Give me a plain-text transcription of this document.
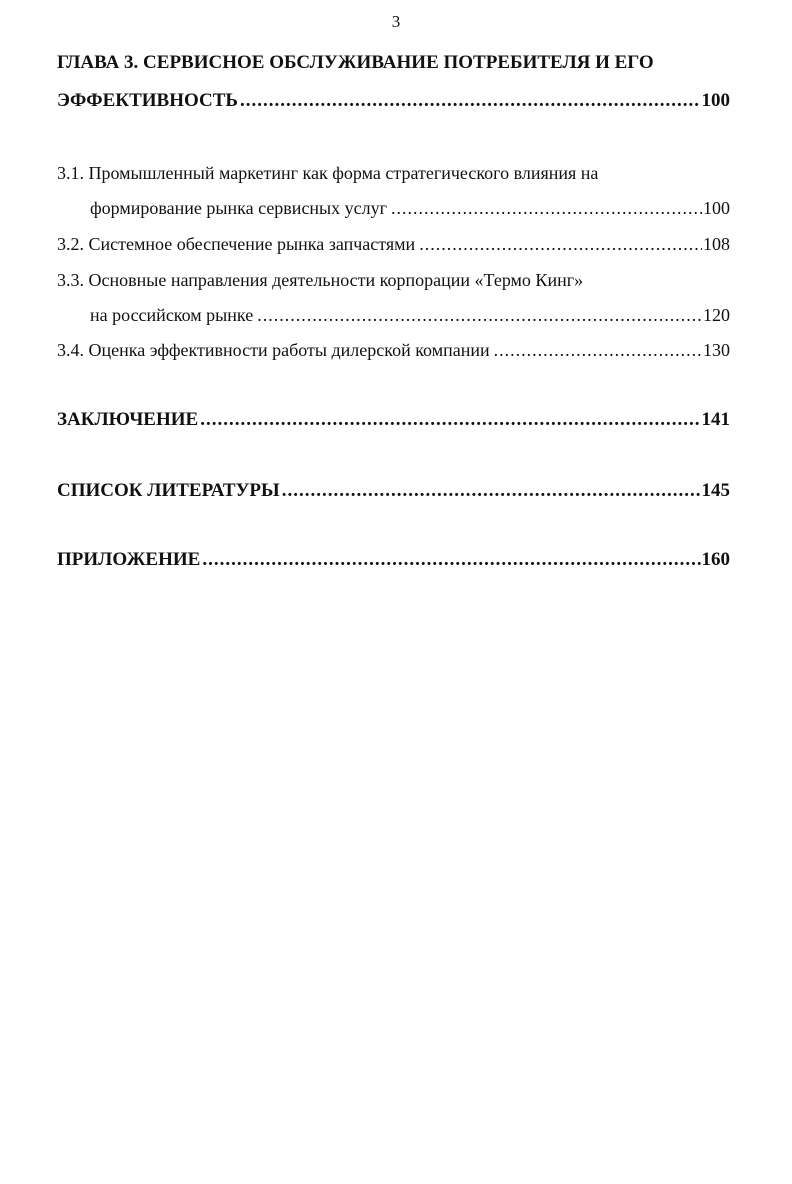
3
ГЛАВА 3. СЕРВИСНОЕ ОБСЛУЖИВАНИЕ ПОТРЕБИТЕЛЯ И ЕГО
ЭФФЕКТИВНОСТЬ .....	100
3.1. Промышленный маркетинг как форма стратегического влияния на
формирование рынка сервисных услуг .....	100
3.2. Системное обеспечение рынка запчастями .....	108
3.3. Основные направления деятельности корпорации «Термо Кинг»
на российском рынке .....	120
3.4. Оценка эффективности работы дилерской компании .....	130
ЗАКЛЮЧЕНИЕ .....	141
СПИСОК ЛИТЕРАТУРЫ .....	145
ПРИЛОЖЕНИЕ .....	160
